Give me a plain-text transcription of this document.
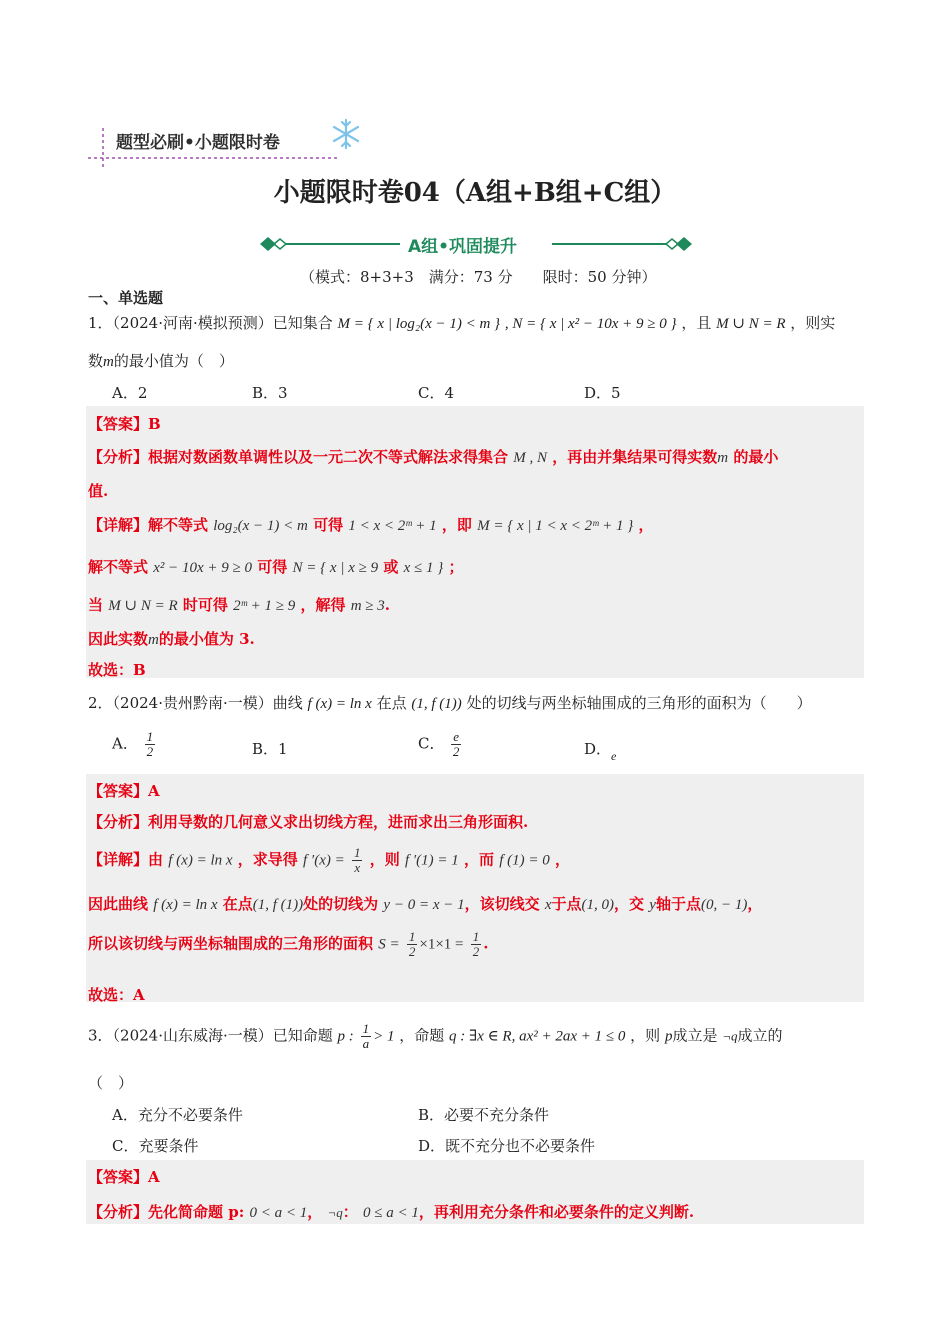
题型必刷•小题限时卷
小题限时卷04（A组+B组+C组）
A组•巩固提升
（模式：8+3+3　满分：73 分　　限时：50 分钟）
一、单选题
1．（2024·河南·模拟预测）已知集合 M = { x | log₂(x − 1) < m } , N = { x | x² − 10x + 9 ≥ 0 } ，且 M ∪ N = R ，则实
数m的最小值为（　）
A．2	B．3	C．4	D．5
【答案】B
【分析】根据对数函数单调性以及一元二次不等式解法求得集合 M , N ，再由并集结果可得实数m 的最小
值.
【详解】解不等式 log₂(x − 1) < m 可得 1 < x < 2ᵐ + 1 ，即 M = { x | 1 < x < 2ᵐ + 1 } ，
解不等式 x² − 10x + 9 ≥ 0 可得 N = { x | x ≥ 9 或 x ≤ 1 } ；
当 M ∪ N = R 时可得 2ᵐ + 1 ≥ 9 ，解得 m ≥ 3.
因此实数m的最小值为 3.
故选：B
2．（2024·贵州黔南·一模）曲线 f (x) = ln x 在点 (1, f (1)) 处的切线与两坐标轴围成的三角形的面积为（　　）
A． $\frac{1}{2}$	B．1	C． $\frac{e}{2}$	D．$_e$
【答案】A
【分析】利用导数的几何意义求出切线方程，进而求出三角形面积.
【详解】由 f (x) = ln x ，求导得 f $'(x) = \frac{1}{x}$ ，则 f ′(1) = 1 ，而 f (1) = 0 ，
因此曲线 f (x) = ln x 在点(1, f (1))处的切线为 y − 0 = x − 1，该切线交 x于点(1, 0)，交 y轴于点(0, − 1)，
所以该切线与两坐标轴围成的三角形的面积 $S = \frac{1}{2} \times 1\times 1 = \frac{1}{2}$ .
故选：A
3．（2024·山东威海·一模）已知命题 p : $\frac{1}{a} > 1$ ，命题 q : ∃x ∈ R, ax² + 2ax + 1 ≤ 0 ，则 p成立是 ¬q成立的
（　）
A．充分不必要条件	B．必要不充分条件
C．充要条件	D．既不充分也不必要条件
【答案】A
【分析】先化简命题 p: 0 < a < 1， ¬q： 0 ≤ a < 1，再利用充分条件和必要条件的定义判断.
